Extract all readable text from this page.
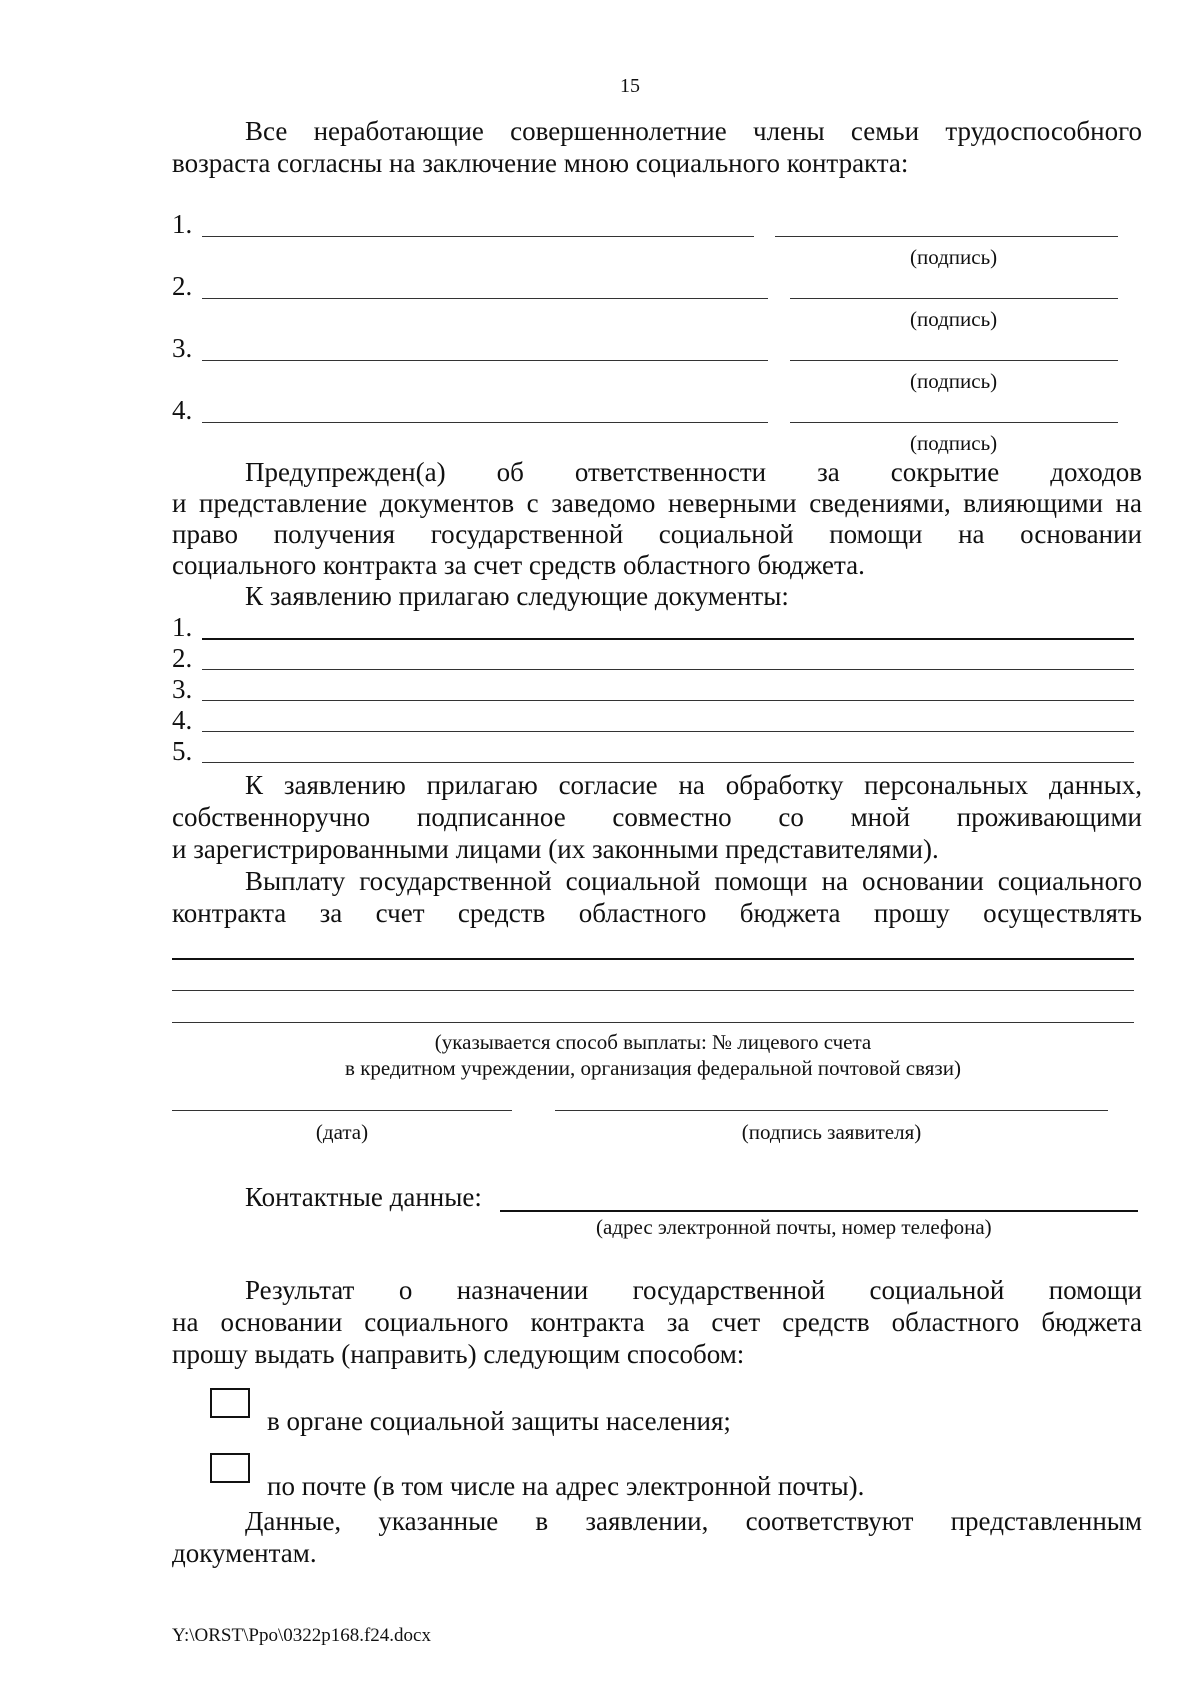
15
Все неработающие совершеннолетние члены семьи трудоспособного
возраста согласны на заключение мною социального контракта:
1.
(подпись)
2.
(подпись)
3.
(подпись)
4.
(подпись)
Предупрежден(а) об ответственности за сокрытие доходов
и представление документов с заведомо неверными сведениями, влияющими на
право получения государственной социальной помощи на основании
социального контракта за счет средств областного бюджета.
К заявлению прилагаю следующие документы:
1.
2.
3.
4.
5.
К заявлению прилагаю согласие на обработку персональных данных,
собственноручно подписанное совместно со мной проживающими
и зарегистрированными лицами (их законными представителями).
Выплату государственной социальной помощи на основании социального
контракта за счет средств областного бюджета прошу осуществлять
(указывается способ выплаты: № лицевого счета
в кредитном учреждении, организация федеральной почтовой связи)
(дата)	(подпись заявителя)
Контактные данные:
(адрес электронной почты, номер телефона)
Результат о назначении государственной социальной помощи
на основании социального контракта за счет средств областного бюджета
прошу выдать (направить) следующим способом:
в органе социальной защиты населения;
по почте (в том числе на адрес электронной почты).
Данные, указанные в заявлении, соответствуют представленным
документам.
Y:\ORST\Ppo\0322p168.f24.docx
